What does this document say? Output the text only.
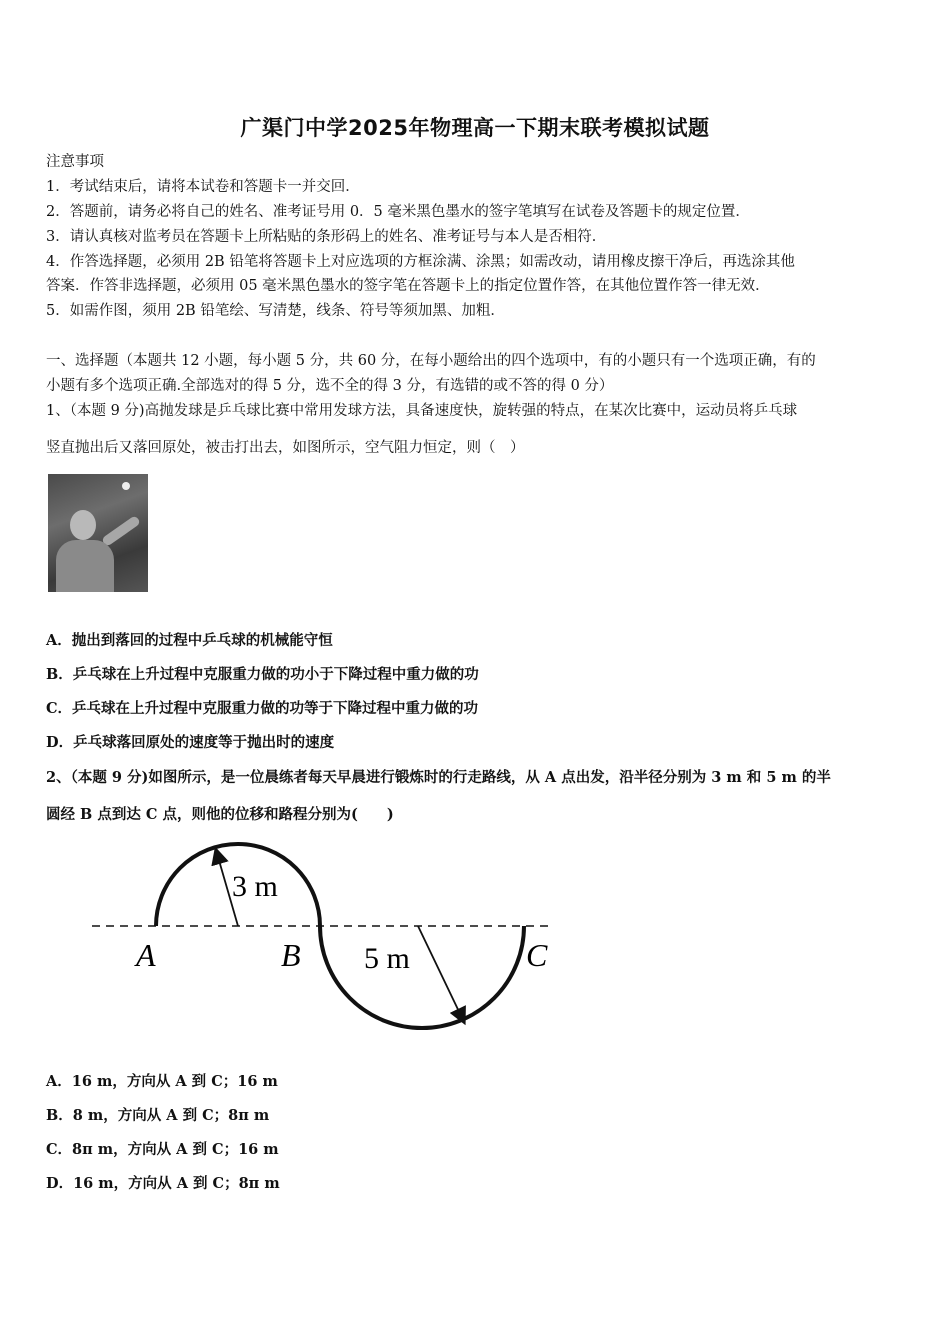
广渠门中学2025年物理高一下期末联考模拟试题
注意事项
1．考试结束后，请将本试卷和答题卡一并交回．
2．答题前，请务必将自己的姓名、准考证号用 0．5 毫米黑色墨水的签字笔填写在试卷及答题卡的规定位置．
3．请认真核对监考员在答题卡上所粘贴的条形码上的姓名、准考证号与本人是否相符．
4．作答选择题，必须用 2B 铅笔将答题卡上对应选项的方框涂满、涂黑；如需改动，请用橡皮擦干净后，再选涂其他
答案．作答非选择题，必须用 05 毫米黑色墨水的签字笔在答题卡上的指定位置作答，在其他位置作答一律无效．
5．如需作图，须用 2B 铅笔绘、写清楚，线条、符号等须加黑、加粗．
一、选择题（本题共 12 小题，每小题 5 分，共 60 分，在每小题给出的四个选项中，有的小题只有一个选项正确，有的
小题有多个选项正确.全部选对的得 5 分，选不全的得 3 分，有选错的或不答的得 0 分）
1、（本题 9 分)高抛发球是乒乓球比赛中常用发球方法，具备速度快，旋转强的特点，在某次比赛中，运动员将乒乓球
竖直抛出后又落回原处，被击打出去，如图所示，空气阻力恒定，则（　）
A．抛出到落回的过程中乒乓球的机械能守恒
B．乒乓球在上升过程中克服重力做的功小于下降过程中重力做的功
C．乒乓球在上升过程中克服重力做的功等于下降过程中重力做的功
D．乒乓球落回原处的速度等于抛出时的速度
2、（本题 9 分)如图所示，是一位晨练者每天早晨进行锻炼时的行走路线，从 A 点出发，沿半径分别为 3 m 和 5 m 的半
圆经 B 点到达 C 点，则他的位移和路程分别为(　　)
3 m
5 m
A	B	C
A．16 m，方向从 A 到 C；16 m
B．8 m，方向从 A 到 C；8π m
C．8π m，方向从 A 到 C；16 m
D．16 m，方向从 A 到 C；8π m
